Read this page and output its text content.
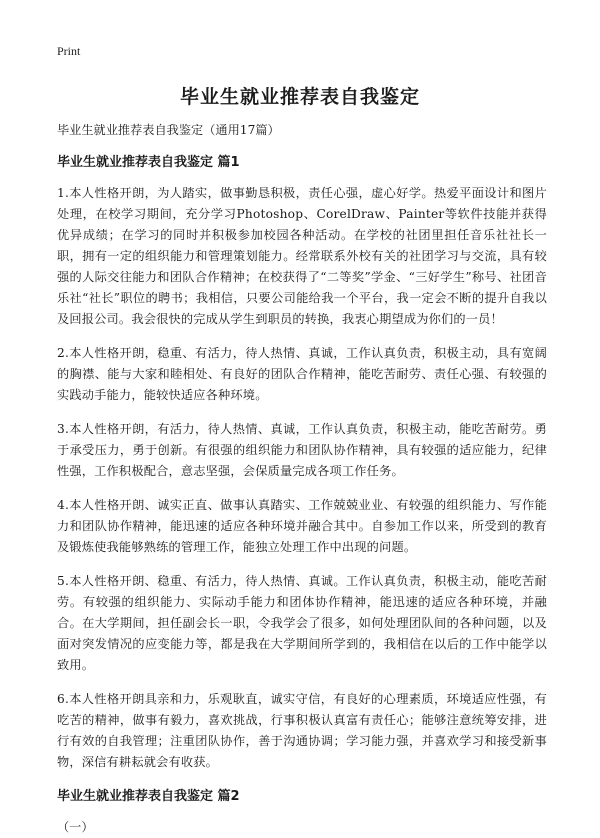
Print
毕业生就业推荐表自我鉴定

毕业生就业推荐表自我鉴定（通用17篇）

毕业生就业推荐表自我鉴定 篇1

1.本人性格开朗，为人踏实，做事勤恳积极，责任心强，虚心好学。热爱平面设计和图片处理，在校学习期间，充分学习Photoshop、CorelDraw、Painter等软件技能并获得优异成绩；在学习的同时并积极参加校园各种活动。在学校的社团里担任音乐社社长一职，拥有一定的组织能力和管理策划能力。经常联系外校有关的社团学习与交流，具有较强的人际交往能力和团队合作精神；在校获得了“二等奖”学金、“三好学生”称号、社团音乐社“社长”职位的聘书；我相信，只要公司能给我一个平台，我一定会不断的提升自我以及回报公司。我会很快的完成从学生到职员的转换，我衷心期望成为你们的一员！

2.本人性格开朗，稳重、有活力，待人热情、真诚，工作认真负责，积极主动，具有宽阔的胸襟、能与大家和睦相处、有良好的团队合作精神，能吃苦耐劳、责任心强、有较强的实践动手能力，能较快适应各种环境。

3.本人性格开朗，有活力，待人热情、真诚，工作认真负责，积极主动，能吃苦耐劳。勇于承受压力，勇于创新。有很强的组织能力和团队协作精神，具有较强的适应能力，纪律性强，工作积极配合，意志坚强，会保质量完成各项工作任务。

4.本人性格开朗、诚实正直、做事认真踏实、工作兢兢业业、有较强的组织能力、写作能力和团队协作精神，能迅速的适应各种环境并融合其中。自参加工作以来，所受到的教育及锻炼使我能够熟练的管理工作，能独立处理工作中出现的问题。

5.本人性格开朗、稳重、有活力，待人热情、真诚。工作认真负责，积极主动，能吃苦耐劳。有较强的组织能力、实际动手能力和团体协作精神，能迅速的适应各种环境，并融合。在大学期间，担任副会长一职，令我学会了很多，如何处理团队间的各种问题，以及面对突发情况的应变能力等，都是我在大学期间所学到的，我相信在以后的工作中能学以致用。

6.本人性格开朗具亲和力，乐观耿直，诚实守信，有良好的心理素质，环境适应性强，有吃苦的精神，做事有毅力，喜欢挑战，行事积极认真富有责任心；能够注意统筹安排，进行有效的自我管理；注重团队协作，善于沟通协调；学习能力强，并喜欢学习和接受新事物，深信有耕耘就会有收获。

毕业生就业推荐表自我鉴定 篇2

（一）
